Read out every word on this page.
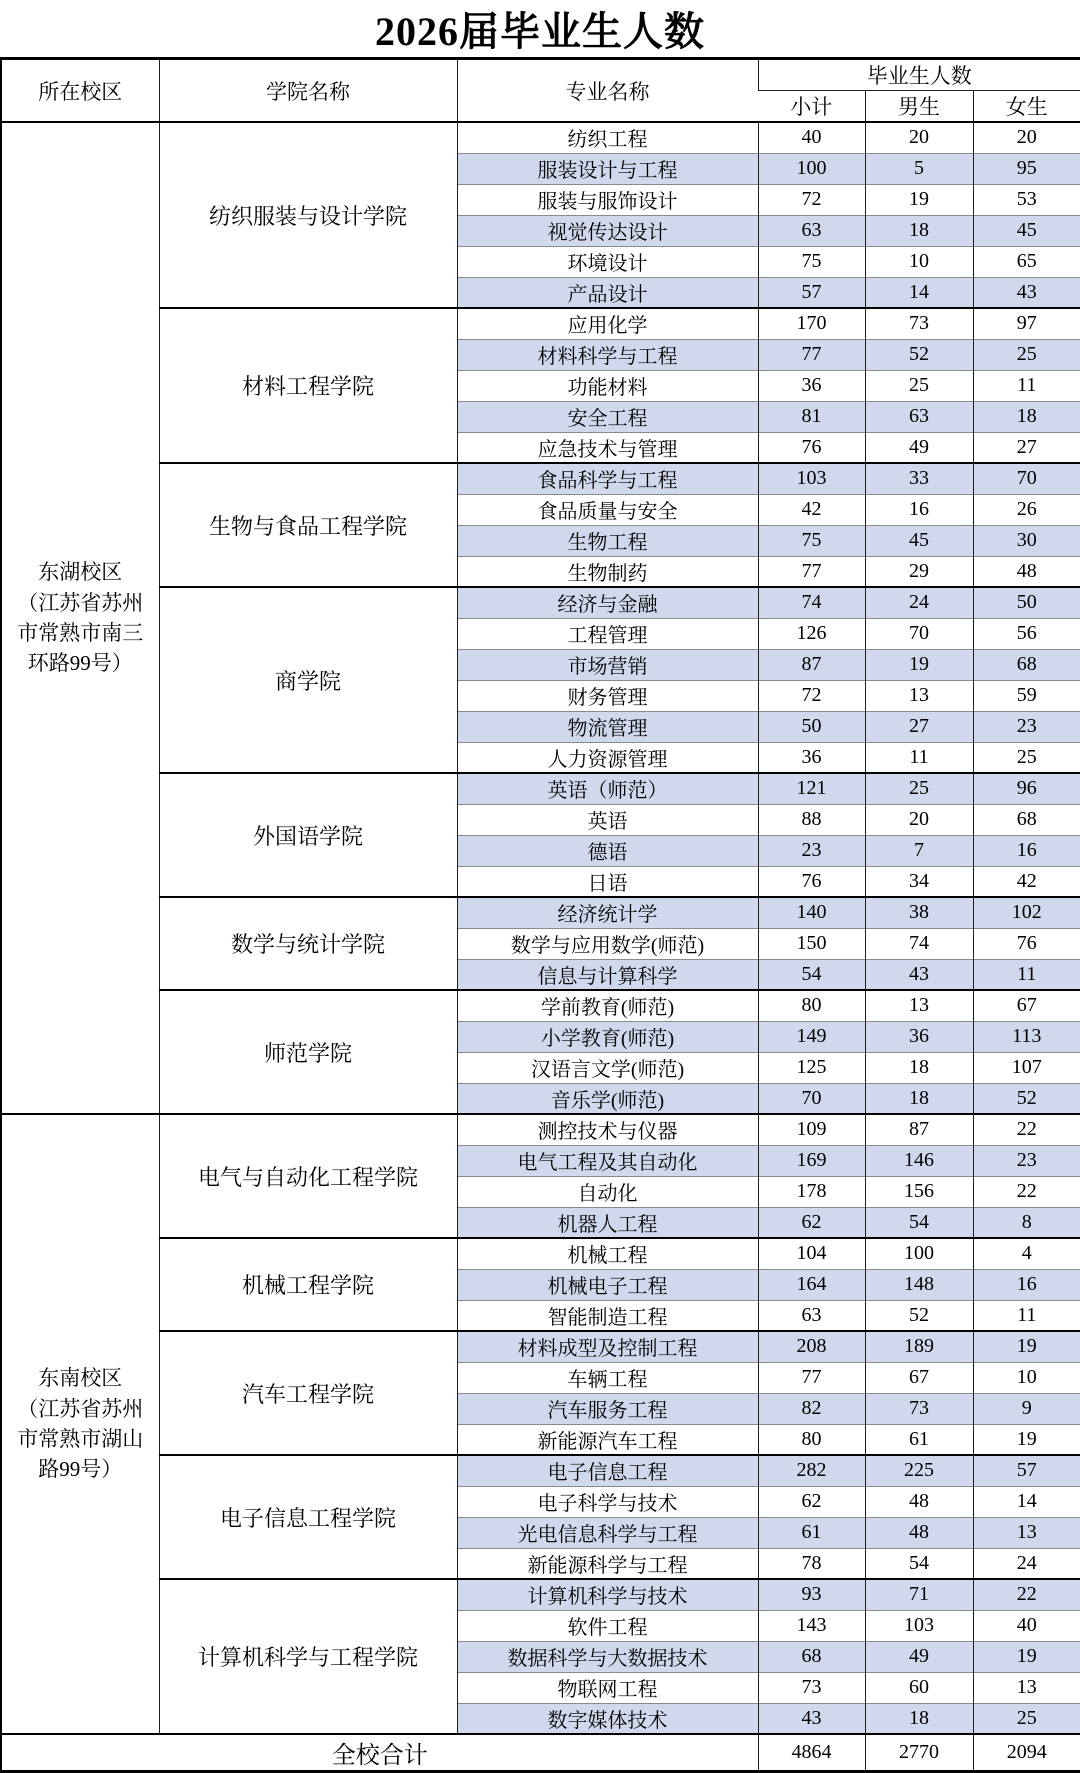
2026届毕业生人数
所在校区	学院名称	专业名称	毕业生人数		
			小计	男生	女生

东湖校区
（江苏省苏州市常熟市南三环路99号）	纺织服装与设计学院	纺织工程	40	20	20
		服装设计与工程	100	5	95
		服装与服饰设计	72	19	53
		视觉传达设计	63	18	45
		环境设计	75	10	65
		产品设计	57	14	43
	材料工程学院	应用化学	170	73	97
		材料科学与工程	77	52	25
		功能材料	36	25	11
		安全工程	81	63	18
		应急技术与管理	76	49	27
	生物与食品工程学院	食品科学与工程	103	33	70
		食品质量与安全	42	16	26
		生物工程	75	45	30
		生物制药	77	29	48
	商学院	经济与金融	74	24	50
		工程管理	126	70	56
		市场营销	87	19	68
		财务管理	72	13	59
		物流管理	50	27	23
		人力资源管理	36	11	25
	外国语学院	英语（师范）	121	25	96
		英语	88	20	68
		德语	23	7	16
		日语	76	34	42
	数学与统计学院	经济统计学	140	38	102
		数学与应用数学(师范)	150	74	76
		信息与计算科学	54	43	11
	师范学院	学前教育(师范)	80	13	67
		小学教育(师范)	149	36	113
		汉语言文学(师范)	125	18	107
		音乐学(师范)	70	18	52

东南校区
（江苏省苏州市常熟市湖山路99号）	电气与自动化工程学院	测控技术与仪器	109	87	22
		电气工程及其自动化	169	146	23
		自动化	178	156	22
		机器人工程	62	54	8
	机械工程学院	机械工程	104	100	4
		机械电子工程	164	148	16
		智能制造工程	63	52	11
	汽车工程学院	材料成型及控制工程	208	189	19
		车辆工程	77	67	10
		汽车服务工程	82	73	9
		新能源汽车工程	80	61	19
	电子信息工程学院	电子信息工程	282	225	57
		电子科学与技术	62	48	14
		光电信息科学与工程	61	48	13
		新能源科学与工程	78	54	24
	计算机科学与工程学院	计算机科学与技术	93	71	22
		软件工程	143	103	40
		数据科学与大数据技术	68	49	19
		物联网工程	73	60	13
		数字媒体技术	43	18	25
全校合计			4864	2770	2094
